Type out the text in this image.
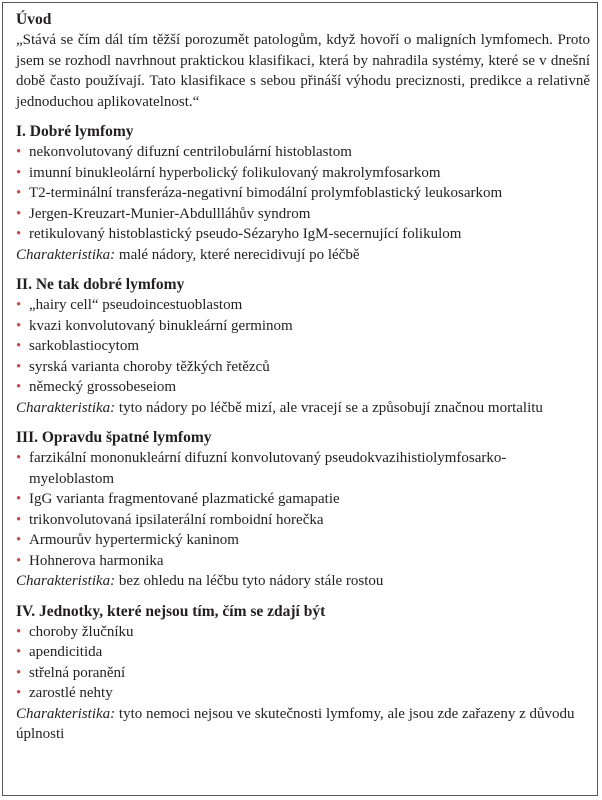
Úvod

„Stává se čím dál tím těžší porozumět patologům, když hovoří o maligních lymfomech. Proto jsem se rozhodl navrhnout praktickou klasifikaci, která by nahradila systémy, které se v dnešní době často používají. Tato klasifikace s sebou přináší výhodu preciznosti, predikce a relativně jednoduchou aplikovatelnost.“

I. Dobré lymfomy

• nekonvolutovaný difuzní centrilobulární histoblastom
• imunní binukleolární hyperbolický folikulovaný makrolymfosarkom
• T2-terminální transferáza-negativní bimodální prolymfoblastický leukosarkom
• Jergen-Kreuzart-Munier-Abdullláhův syndrom
• retikulovaný histoblastický pseudo-Sézaryho IgM-secernující folikulom

Charakteristika: malé nádory, které nerecidivují po léčbě

II. Ne tak dobré lymfomy

• „hairy cell“ pseudoincestuoblastom
• kvazi konvolutovaný binukleární germinom
• sarkoblastiocytom
• syrská varianta choroby těžkých řetězců
• německý grossobeseiom

Charakteristika: tyto nádory po léčbě mizí, ale vracejí se a způsobují značnou mortalitu

III. Opravdu špatné lymfomy

• farzikální mononukleární difuzní konvolutovaný pseudokvazihistiolymfosarko-myeloblastom
• IgG varianta fragmentované plazmatické gamapatie
• trikonvolutovaná ipsilaterální romboidní horečka
• Armourův hypertermický kaninom
• Hohnerova harmonika

Charakteristika: bez ohledu na léčbu tyto nádory stále rostou

IV. Jednotky, které nejsou tím, čím se zdají být

• choroby žlučníku
• apendicitida
• střelná poranění
• zarostlé nehty

Charakteristika: tyto nemoci nejsou ve skutečnosti lymfomy, ale jsou zde zařazeny z důvodu úplnosti
